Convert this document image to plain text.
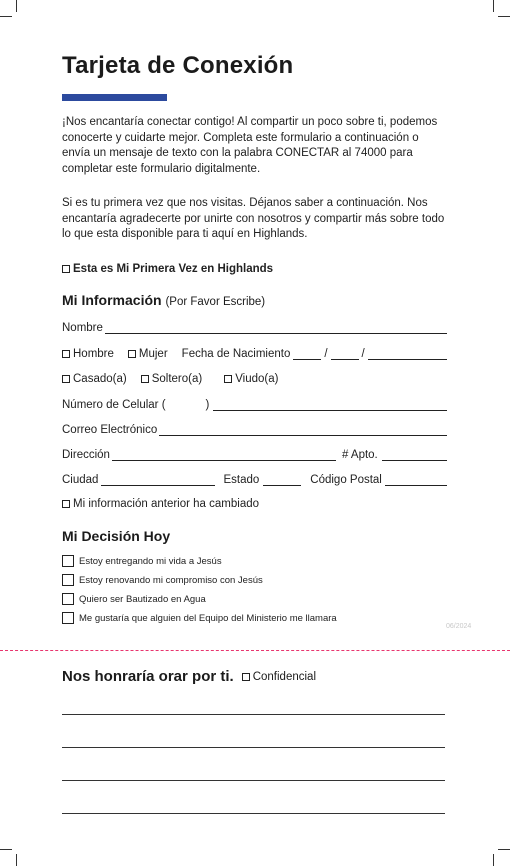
Tarjeta de Conexión
¡Nos encantaría conectar contigo! Al compartir un poco sobre ti, podemos conocerte y cuidarte mejor. Completa este formulario a continuación o envía un mensaje de texto con la palabra CONECTAR al 74000 para completar este formulario digitalmente.
Si es tu primera vez que nos visitas. Déjanos saber a continuación. Nos encantaría agradecerte por unirte con nosotros y compartir más sobre todo lo que esta disponible para ti aquí en Highlands.
Esta es Mi Primera Vez en Highlands
Mi Información (Por Favor Escribe)
Nombre
Hombre Mujer Fecha de Nacimiento	/	/
Casado(a) Soltero(a)	Viudo(a)
Número de Celular (	)
Correo Electrónico
Dirección	# Apto.
Ciudad	Estado	Código Postal
Mi información anterior ha cambiado
Mi Decisión Hoy
Estoy entregando mi vida a Jesús
Estoy renovando mi compromiso con Jesús
Quiero ser Bautizado en Agua
Me gustaría que alguien del Equipo del Ministerio me llamara
06/2024
Nos honraría orar por ti. Confidencial
